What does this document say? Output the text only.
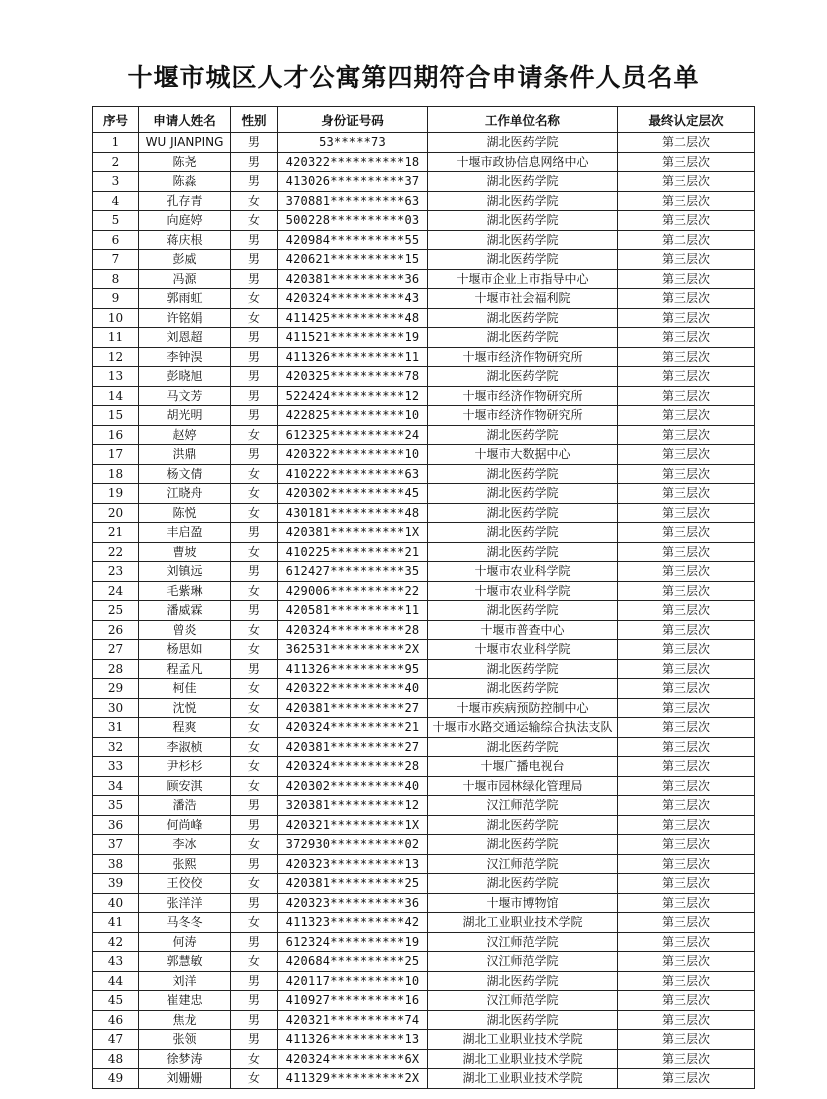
十堰市城区人才公寓第四期符合申请条件人员名单
序号	申请人姓名	性别	身份证号码	工作单位名称	最终认定层次
1	WU JIANPING	男	53*****73	湖北医药学院	第二层次
2	陈尧	男	420322**********18	十堰市政协信息网络中心	第三层次
3	陈淼	男	413026**********37	湖北医药学院	第三层次
4	孔存青	女	370881**********63	湖北医药学院	第三层次
5	向庭婷	女	500228**********03	湖北医药学院	第三层次
6	蒋庆根	男	420984**********55	湖北医药学院	第二层次
7	彭威	男	420621**********15	湖北医药学院	第三层次
8	冯源	男	420381**********36	十堰市企业上市指导中心	第三层次
9	郭雨虹	女	420324**********43	十堰市社会福利院	第三层次
10	许铭娟	女	411425**********48	湖北医药学院	第三层次
11	刘恩超	男	411521**********19	湖北医药学院	第三层次
12	李钟淏	男	411326**********11	十堰市经济作物研究所	第三层次
13	彭晓旭	男	420325**********78	湖北医药学院	第三层次
14	马文芳	男	522424**********12	十堰市经济作物研究所	第三层次
15	胡光明	男	422825**********10	十堰市经济作物研究所	第三层次
16	赵婷	女	612325**********24	湖北医药学院	第三层次
17	洪鼎	男	420322**********10	十堰市大数据中心	第三层次
18	杨文倩	女	410222**********63	湖北医药学院	第三层次
19	江晓舟	女	420302**********45	湖北医药学院	第三层次
20	陈悦	女	430181**********48	湖北医药学院	第三层次
21	丰启盈	男	420381**********1X	湖北医药学院	第三层次
22	曹坡	女	410225**********21	湖北医药学院	第三层次
23	刘镇远	男	612427**********35	十堰市农业科学院	第三层次
24	毛紫琳	女	429006**********22	十堰市农业科学院	第三层次
25	潘威霖	男	420581**********11	湖北医药学院	第三层次
26	曾炎	女	420324**********28	十堰市普查中心	第三层次
27	杨思如	女	362531**********2X	十堰市农业科学院	第三层次
28	程孟凡	男	411326**********95	湖北医药学院	第三层次
29	柯佳	女	420322**********40	湖北医药学院	第三层次
30	沈悦	女	420381**********27	十堰市疾病预防控制中心	第三层次
31	程爽	女	420324**********21	十堰市水路交通运输综合执法支队	第三层次
32	李淑桢	女	420381**********27	湖北医药学院	第三层次
33	尹杉杉	女	420324**********28	十堰广播电视台	第三层次
34	顾安淇	女	420302**********40	十堰市园林绿化管理局	第三层次
35	潘浩	男	320381**********12	汉江师范学院	第三层次
36	何尚峰	男	420321**********1X	湖北医药学院	第三层次
37	李冰	女	372930**********02	湖北医药学院	第三层次
38	张熙	男	420323**********13	汉江师范学院	第三层次
39	王佼佼	女	420381**********25	湖北医药学院	第三层次
40	张洋洋	男	420323**********36	十堰市博物馆	第三层次
41	马冬冬	女	411323**********42	湖北工业职业技术学院	第三层次
42	何涛	男	612324**********19	汉江师范学院	第三层次
43	郭慧敏	女	420684**********25	汉江师范学院	第三层次
44	刘洋	男	420117**********10	湖北医药学院	第三层次
45	崔建忠	男	410927**********16	汉江师范学院	第三层次
46	焦龙	男	420321**********74	湖北医药学院	第三层次
47	张领	男	411326**********13	湖北工业职业技术学院	第三层次
48	徐梦涛	女	420324**********6X	湖北工业职业技术学院	第三层次
49	刘姗姗	女	411329**********2X	湖北工业职业技术学院	第三层次
